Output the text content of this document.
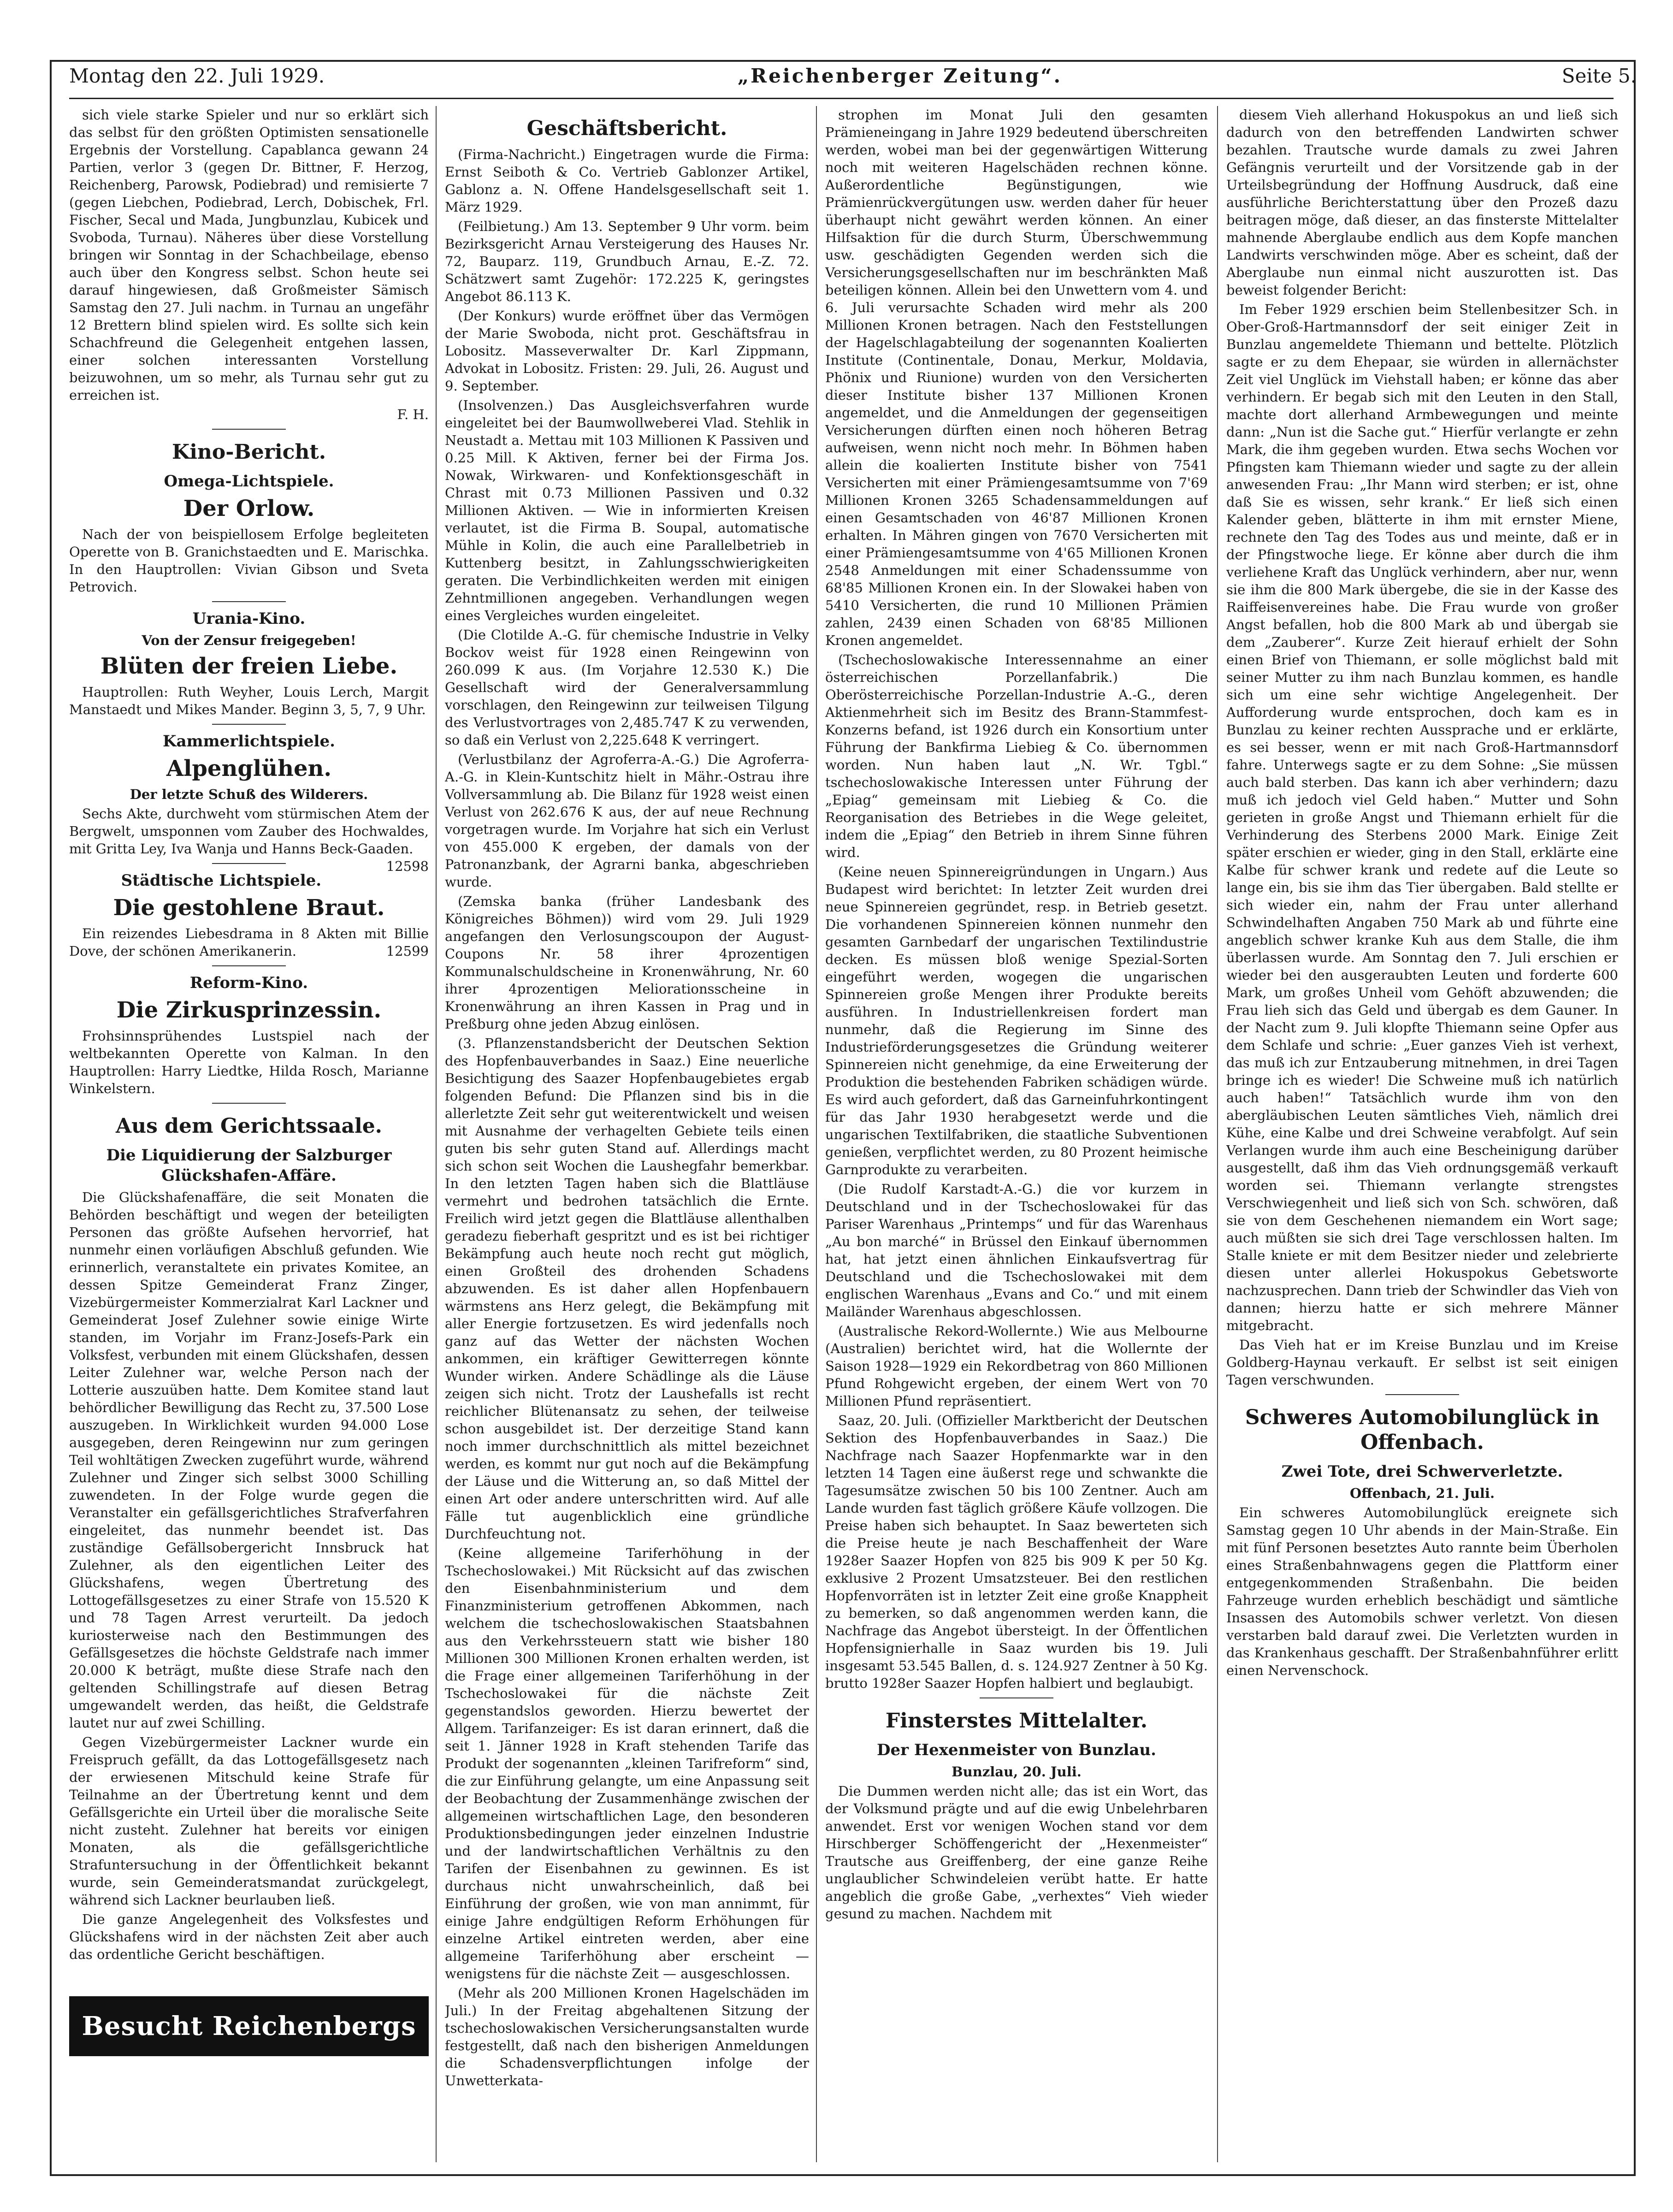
Montag den 22. Juli 1929.	„Reichenberger Zeitung“.	Seite 5.

sich viele starke Spieler und nur so erklärt sich das selbst für den größten Optimisten sensationelle Ergebnis der Vorstellung. Capablanca gewann 24 Partien, verlor 3 (gegen Dr. Bittner, F. Herzog, Reichenberg, Parowsk, Podiebrad) und remisierte 7 (gegen Liebchen, Podiebrad, Lerch, Dobischek, Frl. Fischer, Secal und Mada, Jungbunzlau, Kubicek und Svoboda, Turnau). Näheres über diese Vorstellung bringen wir Sonntag in der Schachbeilage, ebenso auch über den Kongress selbst. Schon heute sei darauf hingewiesen, daß Großmeister Sämisch Samstag den 27. Juli nachm. in Turnau an ungefähr 12 Brettern blind spielen wird. Es sollte sich kein Schachfreund die Gelegenheit entgehen lassen, einer solchen interessanten Vorstellung beizuwohnen, um so mehr, als Turnau sehr gut zu erreichen ist.

F. H.
Kino-Bericht.
Omega-Lichtspiele.
Der Orlow.

Nach der von beispiellosem Erfolge begleiteten Operette von B. Granichstaedten und E. Marischka. In den Hauptrollen: Vivian Gibson und Sveta Petrovich.

Urania-Kino.
Von der Zensur freigegeben!
Blüten der freien Liebe.

Hauptrollen: Ruth Weyher, Louis Lerch, Margit Manstaedt und Mikes Mander. Beginn 3, 5, 7, 9 Uhr.

Kammerlichtspiele.
Alpenglühen.
Der letzte Schuß des Wilderers.

Sechs Akte, durchweht vom stürmischen Atem der Bergwelt, umsponnen vom Zauber des Hochwaldes, mit Gritta Ley, Iva Wanja und Hanns Beck-Gaaden.
12598

Städtische Lichtspiele.
Die gestohlene Braut.

Ein reizendes Liebesdrama in 8 Akten mit Billie Dove, der schönen Amerikanerin.	12599

Reform-Kino.
Die Zirkusprinzessin.

Frohsinnsprühendes Lustspiel nach der weltbekannten Operette von Kalman. In den Hauptrollen: Harry Liedtke, Hilda Rosch, Marianne Winkelstern.

Aus dem Gerichtssaale.
Die Liquidierung der Salzburger Glückshafen-Affäre.

Die Glückshafenaffäre, die seit Monaten die Behörden beschäftigt und wegen der beteiligten Personen das größte Aufsehen hervorrief, hat nunmehr einen vorläufigen Abschluß gefunden. Wie erinnerlich, veranstaltete ein privates Komitee, an dessen Spitze Gemeinderat Franz Zinger, Vizebürgermeister Kommerzialrat Karl Lackner und Gemeinderat Josef Zulehner sowie einige Wirte standen, im Vorjahr im Franz-Josefs-Park ein Volksfest, verbunden mit einem Glückshafen, dessen Leiter Zulehner war, welche Person nach der Lotterie auszuüben hatte. Dem Komitee stand laut behördlicher Bewilligung das Recht zu, 37.500 Lose auszugeben. In Wirklichkeit wurden 94.000 Lose ausgegeben, deren Reingewinn nur zum geringen Teil wohltätigen Zwecken zugeführt wurde, während Zulehner und Zinger sich selbst 3000 Schilling zuwendeten. In der Folge wurde gegen die Veranstalter ein gefällsgerichtliches Strafverfahren eingeleitet, das nunmehr beendet ist. Das zuständige Gefällsobergericht Innsbruck hat Zulehner, als den eigentlichen Leiter des Glückshafens, wegen Übertretung des Lottogefällsgesetzes zu einer Strafe von 15.520 K und 78 Tagen Arrest verurteilt. Da jedoch kuriosterweise nach den Bestimmungen des Gefällsgesetzes die höchste Geldstrafe nach immer 20.000 K beträgt, mußte diese Strafe nach den geltenden Schillingstrafe auf diesen Betrag umgewandelt werden, das heißt, die Geldstrafe lautet nur auf zwei Schilling.

Gegen Vizebürgermeister Lackner wurde ein Freispruch gefällt, da das Lottogefällsgesetz nach der erwiesenen Mitschuld keine Strafe für Teilnahme an der Übertretung kennt und dem Gefällsgerichte ein Urteil über die moralische Seite nicht zusteht. Zulehner hat bereits vor einigen Monaten, als die gefällsgerichtliche Strafuntersuchung in der Öffentlichkeit bekannt wurde, sein Gemeinderatsmandat zurückgelegt, während sich Lackner beurlauben ließ.

Die ganze Angelegenheit des Volksfestes und Glückshafens wird in der nächsten Zeit aber auch das ordentliche Gericht beschäftigen.

Besucht Reichenbergs Tiergarten!
Geschäftsbericht.

(Firma-Nachricht.) Eingetragen wurde die Firma: Ernst Seiboth & Co. Vertrieb Gablonzer Artikel, Gablonz a. N. Offene Handelsgesellschaft seit 1. März 1929.

(Feilbietung.) Am 13. September 9 Uhr vorm. beim Bezirksgericht Arnau Versteigerung des Hauses Nr. 72, Bauparz. 119, Grundbuch Arnau, E.-Z. 72. Schätzwert samt Zugehör: 172.225 K, geringstes Angebot 86.113 K.

(Der Konkurs) wurde eröffnet über das Vermögen der Marie Swoboda, nicht prot. Geschäftsfrau in Lobositz. Masseverwalter Dr. Karl Zippmann, Advokat in Lobositz. Fristen: 29. Juli, 26. August und 9. September.

(Insolvenzen.) Das Ausgleichsverfahren wurde eingeleitet bei der Baumwollweberei Vlad. Stehlik in Neustadt a. Mettau mit 103 Millionen K Passiven und 0.25 Mill. K Aktiven, ferner bei der Firma Jos. Nowak, Wirkwaren- und Konfektionsgeschäft in Chrast mit 0.73 Millionen Passiven und 0.32 Millionen Aktiven. — Wie in informierten Kreisen verlautet, ist die Firma B. Soupal, automatische Mühle in Kolin, die auch eine Parallelbetrieb in Kuttenberg besitzt, in Zahlungsschwierigkeiten geraten. Die Verbindlichkeiten werden mit einigen Zehntmillionen angegeben. Verhandlungen wegen eines Vergleiches wurden eingeleitet.

(Die Clotilde A.-G. für chemische Industrie in Velky Bockov weist für 1928 einen Reingewinn von 260.099 K aus. (Im Vorjahre 12.530 K.) Die Gesellschaft wird der Generalversammlung vorschlagen, den Reingewinn zur teilweisen Tilgung des Verlustvortrages von 2,485.747 K zu verwenden, so daß ein Verlust von 2,225.648 K verringert.

(Verlustbilanz der Agroferra-A.-G.) Die Agroferra-A.-G. in Klein-Kuntschitz hielt in Mähr.-Ostrau ihre Vollversammlung ab. Die Bilanz für 1928 weist einen Verlust von 262.676 K aus, der auf neue Rechnung vorgetragen wurde. Im Vorjahre hat sich ein Verlust von 455.000 K ergeben, der damals von der Patronanzbank, der Agrarni banka, abgeschrieben wurde.

(Zemska banka (früher Landesbank des Königreiches Böhmen)) wird vom 29. Juli 1929 angefangen den Verlosungscoupon der August-Coupons Nr. 58 ihrer 4prozentigen Kommunalschuldscheine in Kronenwährung, Nr. 60 ihrer 4prozentigen Meliorationsscheine in Kronenwährung an ihren Kassen in Prag und in Preßburg ohne jeden Abzug einlösen.

(3. Pflanzenstandsbericht der Deutschen Sektion des Hopfenbauverbandes in Saaz.) Eine neuerliche Besichtigung des Saazer Hopfenbaugebietes ergab folgenden Befund: Die Pflanzen sind bis in die allerletzte Zeit sehr gut weiterentwickelt und weisen mit Ausnahme der verhagelten Gebiete teils einen guten bis sehr guten Stand auf. Allerdings macht sich schon seit Wochen die Laushegfahr bemerkbar. In den letzten Tagen haben sich die Blattläuse vermehrt und bedrohen tatsächlich die Ernte. Freilich wird jetzt gegen die Blattläuse allenthalben geradezu fieberhaft gespritzt und es ist bei richtiger Bekämpfung auch heute noch recht gut möglich, einen Großteil des drohenden Schadens abzuwenden. Es ist daher allen Hopfenbauern wärmstens ans Herz gelegt, die Bekämpfung mit aller Energie fortzusetzen. Es wird jedenfalls noch ganz auf das Wetter der nächsten Wochen ankommen, ein kräftiger Gewitterregen könnte Wunder wirken. Andere Schädlinge als die Läuse zeigen sich nicht. Trotz der Laushefalls ist recht reichlicher Blütenansatz zu sehen, der teilweise schon ausgebildet ist. Der derzeitige Stand kann noch immer durchschnittlich als mittel bezeichnet werden, es kommt nur gut noch auf die Bekämpfung der Läuse und die Witterung an, so daß Mittel der einen Art oder andere unterschritten wird. Auf alle Fälle tut augenblicklich eine gründliche Durchfeuchtung not.

(Keine allgemeine Tariferhöhung in der Tschechoslowakei.) Mit Rücksicht auf das zwischen den Eisenbahnministerium und dem Finanzministerium getroffenen Abkommen, nach welchem die tschechoslowakischen Staatsbahnen aus den Verkehrssteuern statt wie bisher 180 Millionen 300 Millionen Kronen erhalten werden, ist die Frage einer allgemeinen Tariferhöhung in der Tschechoslowakei für die nächste Zeit gegenstandslos geworden. Hierzu bewertet der Allgem. Tarifanzeiger: Es ist daran erinnert, daß die seit 1. Jänner 1928 in Kraft stehenden Tarife das Produkt der sogenannten „kleinen Tarifreform“ sind, die zur Einführung gelangte, um eine Anpassung seit der Beobachtung der Zusammenhänge zwischen der allgemeinen wirtschaftlichen Lage, den besonderen Produktionsbedingungen jeder einzelnen Industrie und der landwirtschaftlichen Verhältnis zu den Tarifen der Eisenbahnen zu gewinnen. Es ist durchaus nicht unwahrscheinlich, daß bei Einführung der großen, wie von man annimmt, für einige Jahre endgültigen Reform Erhöhungen für einzelne Artikel eintreten werden, aber eine allgemeine Tariferhöhung aber erscheint — wenigstens für die nächste Zeit — ausgeschlossen.

(Mehr als 200 Millionen Kronen Hagelschäden im Juli.) In der Freitag abgehaltenen Sitzung der tschechoslowakischen Versicherungsanstalten wurde festgestellt, daß nach den bisherigen Anmeldungen die Schadensverpflichtungen infolge der Unwetterkata-

strophen im Monat Juli den gesamten Prämieneingang in Jahre 1929 bedeutend überschreiten werden, wobei man bei der gegenwärtigen Witterung noch mit weiteren Hagelschäden rechnen könne. Außerordentliche Begünstigungen, wie Prämienrückvergütungen usw. werden daher für heuer überhaupt nicht gewährt werden können. An einer Hilfsaktion für die durch Sturm, Überschwemmung usw. geschädigten Gegenden werden sich die Versicherungsgesellschaften nur im beschränkten Maß beteiligen können. Allein bei den Unwettern vom 4. und 6. Juli verursachte Schaden wird mehr als 200 Millionen Kronen betragen. Nach den Feststellungen der Hagelschlagabteilung der sogenannten Koalierten Institute (Continentale, Donau, Merkur, Moldavia, Phönix und Riunione) wurden von den Versicherten dieser Institute bisher 137 Millionen Kronen angemeldet, und die Anmeldungen der gegenseitigen Versicherungen dürften einen noch höheren Betrag aufweisen, wenn nicht noch mehr. In Böhmen haben allein die koalierten Institute bisher von 7541 Versicherten mit einer Prämiengesamtsumme von 7'69 Millionen Kronen 3265 Schadensammeldungen auf einen Gesamtschaden von 46'87 Millionen Kronen erhalten. In Mähren gingen von 7670 Versicherten mit einer Prämiengesamtsumme von 4'65 Millionen Kronen 2548 Anmeldungen mit einer Schadenssumme von 68'85 Millionen Kronen ein. In der Slowakei haben von 5410 Versicherten, die rund 10 Millionen Prämien zahlen, 2439 einen Schaden von 68'85 Millionen Kronen angemeldet.

(Tschechoslowakische Interessennahme an einer österreichischen Porzellanfabrik.) Die Oberösterreichische Porzellan-Industrie A.-G., deren Aktienmehrheit sich im Besitz des Brann-Stammfest-Konzerns befand, ist 1926 durch ein Konsortium unter Führung der Bankfirma Liebieg & Co. übernommen worden. Nun haben laut „N. Wr. Tgbl.“ tschechoslowakische Interessen unter Führung der „Epiag“ gemeinsam mit Liebieg & Co. die Reorganisation des Betriebes in die Wege geleitet, indem die „Epiag“ den Betrieb in ihrem Sinne führen wird.

(Keine neuen Spinnereigründungen in Ungarn.) Aus Budapest wird berichtet: In letzter Zeit wurden drei neue Spinnereien gegründet, resp. in Betrieb gesetzt. Die vorhandenen Spinnereien können nunmehr den gesamten Garnbedarf der ungarischen Textilindustrie decken. Es müssen bloß wenige Spezial-Sorten eingeführt werden, wogegen die ungarischen Spinnereien große Mengen ihrer Produkte bereits ausführen. In Industriellenkreisen fordert man nunmehr, daß die Regierung im Sinne des Industrieförderungsgesetzes die Gründung weiterer Spinnereien nicht genehmige, da eine Erweiterung der Produktion die bestehenden Fabriken schädigen würde. Es wird auch gefordert, daß das Garneinfuhrkontingent für das Jahr 1930 herabgesetzt werde und die ungarischen Textilfabriken, die staatliche Subventionen genießen, verpflichtet werden, zu 80 Prozent heimische Garnprodukte zu verarbeiten.

(Die Rudolf Karstadt-A.-G.) die vor kurzem in Deutschland und in der Tschechoslowakei für das Pariser Warenhaus „Printemps“ und für das Warenhaus „Au bon marché“ in Brüssel den Einkauf übernommen hat, hat jetzt einen ähnlichen Einkaufsvertrag für Deutschland und die Tschechoslowakei mit dem englischen Warenhaus „Evans and Co.“ und mit einem Mailänder Warenhaus abgeschlossen.

(Australische Rekord-Wollernte.) Wie aus Melbourne (Australien) berichtet wird, hat die Wollernte der Saison 1928—1929 ein Rekordbetrag von 860 Millionen Pfund Rohgewicht ergeben, der einem Wert von 70 Millionen Pfund repräsentiert.

Saaz, 20. Juli. (Offizieller Marktbericht der Deutschen Sektion des Hopfenbauverbandes in Saaz.) Die Nachfrage nach Saazer Hopfenmarkte war in den letzten 14 Tagen eine äußerst rege und schwankte die Tagesumsätze zwischen 50 bis 100 Zentner. Auch am Lande wurden fast täglich größere Käufe vollzogen. Die Preise haben sich behauptet. In Saaz bewerteten sich die Preise heute je nach Beschaffenheit der Ware 1928er Saazer Hopfen von 825 bis 909 K per 50 Kg. exklusive 2 Prozent Umsatzsteuer. Bei den restlichen Hopfenvorräten ist in letzter Zeit eine große Knappheit zu bemerken, so daß angenommen werden kann, die Nachfrage das Angebot übersteigt. In der Öffentlichen Hopfensignierhalle in Saaz wurden bis 19. Juli insgesamt 53.545 Ballen, d. s. 124.927 Zentner à 50 Kg. brutto 1928er Saazer Hopfen halbiert und beglaubigt.

Finsterstes Mittelalter.
Der Hexenmeister von Bunzlau.
Bunzlau, 20. Juli.

Die Dummen werden nicht alle; das ist ein Wort, das der Volksmund prägte und auf die ewig Unbelehrbaren anwendet. Erst vor wenigen Wochen stand vor dem Hirschberger Schöffengericht der „Hexenmeister“ Trautsche aus Greiffenberg, der eine ganze Reihe unglaublicher Schwindeleien verübt hatte. Er hatte angeblich die große Gabe, „verhextes“ Vieh wieder gesund zu machen. Nachdem mit

diesem Vieh allerhand Hokuspokus an und ließ sich dadurch von den betreffenden Landwirten schwer bezahlen. Trautsche wurde damals zu zwei Jahren Gefängnis verurteilt und der Vorsitzende gab in der Urteilsbegründung der Hoffnung Ausdruck, daß eine ausführliche Berichterstattung über den Prozeß dazu beitragen möge, daß dieser, an das finsterste Mittelalter mahnende Aberglaube endlich aus dem Kopfe manchen Landwirts verschwinden möge. Aber es scheint, daß der Aberglaube nun einmal nicht auszurotten ist. Das beweist folgender Bericht:

Im Feber 1929 erschien beim Stellenbesitzer Sch. in Ober-Groß-Hartmannsdorf der seit einiger Zeit in Bunzlau angemeldete Thiemann und bettelte. Plötzlich sagte er zu dem Ehepaar, sie würden in allernächster Zeit viel Unglück im Viehstall haben; er könne das aber verhindern. Er begab sich mit den Leuten in den Stall, machte dort allerhand Armbewegungen und meinte dann: „Nun ist die Sache gut.“ Hierfür verlangte er zehn Mark, die ihm gegeben wurden. Etwa sechs Wochen vor Pfingsten kam Thiemann wieder und sagte zu der allein anwesenden Frau: „Ihr Mann wird sterben; er ist, ohne daß Sie es wissen, sehr krank.“ Er ließ sich einen Kalender geben, blätterte in ihm mit ernster Miene, rechnete den Tag des Todes aus und meinte, daß er in der Pfingstwoche liege. Er könne aber durch die ihm verliehene Kraft das Unglück verhindern, aber nur, wenn sie ihm die 800 Mark übergebe, die sie in der Kasse des Raiffeisenvereines habe. Die Frau wurde von großer Angst befallen, hob die 800 Mark ab und übergab sie dem „Zauberer“. Kurze Zeit hierauf erhielt der Sohn einen Brief von Thiemann, er solle möglichst bald mit seiner Mutter zu ihm nach Bunzlau kommen, es handle sich um eine sehr wichtige Angelegenheit. Der Aufforderung wurde entsprochen, doch kam es in Bunzlau zu keiner rechten Aussprache und er erklärte, es sei besser, wenn er mit nach Groß-Hartmannsdorf fahre. Unterwegs sagte er zu dem Sohne: „Sie müssen auch bald sterben. Das kann ich aber verhindern; dazu muß ich jedoch viel Geld haben.“ Mutter und Sohn gerieten in große Angst und Thiemann erhielt für die Verhinderung des Sterbens 2000 Mark. Einige Zeit später erschien er wieder, ging in den Stall, erklärte eine Kalbe für schwer krank und redete auf die Leute so lange ein, bis sie ihm das Tier übergaben. Bald stellte er sich wieder ein, nahm der Frau unter allerhand Schwindelhaften Angaben 750 Mark ab und führte eine angeblich schwer kranke Kuh aus dem Stalle, die ihm überlassen wurde. Am Sonntag den 7. Juli erschien er wieder bei den ausgeraubten Leuten und forderte 600 Mark, um großes Unheil vom Gehöft abzuwenden; die Frau lieh sich das Geld und übergab es dem Gauner. In der Nacht zum 9. Juli klopfte Thiemann seine Opfer aus dem Schlafe und schrie: „Euer ganzes Vieh ist verhext, das muß ich zur Entzauberung mitnehmen, in drei Tagen bringe ich es wieder! Die Schweine muß ich natürlich auch haben!“ Tatsächlich wurde ihm von den abergläubischen Leuten sämtliches Vieh, nämlich drei Kühe, eine Kalbe und drei Schweine verabfolgt. Auf sein Verlangen wurde ihm auch eine Bescheinigung darüber ausgestellt, daß ihm das Vieh ordnungsgemäß verkauft worden sei. Thiemann verlangte strengstes Verschwiegenheit und ließ sich von Sch. schwören, daß sie von dem Geschehenen niemandem ein Wort sage; auch müßten sie sich drei Tage verschlossen halten. Im Stalle kniete er mit dem Besitzer nieder und zelebrierte diesen unter allerlei Hokuspokus Gebetsworte nachzusprechen. Dann trieb der Schwindler das Vieh von dannen; hierzu hatte er sich mehrere Männer mitgebracht.

Das Vieh hat er im Kreise Bunzlau und im Kreise Goldberg-Haynau verkauft. Er selbst ist seit einigen Tagen verschwunden.

Schweres Automobilunglück in Offenbach.
Zwei Tote, drei Schwerverletzte.
Offenbach, 21. Juli.

Ein schweres Automobilunglück ereignete sich Samstag gegen 10 Uhr abends in der Main-Straße. Ein mit fünf Personen besetztes Auto rannte beim Überholen eines Straßenbahnwagens gegen die Plattform einer entgegenkommenden Straßenbahn. Die beiden Fahrzeuge wurden erheblich beschädigt und sämtliche Insassen des Automobils schwer verletzt. Von diesen verstarben bald darauf zwei. Die Verletzten wurden in das Krankenhaus geschafft. Der Straßenbahnführer erlitt einen Nervenschock.
